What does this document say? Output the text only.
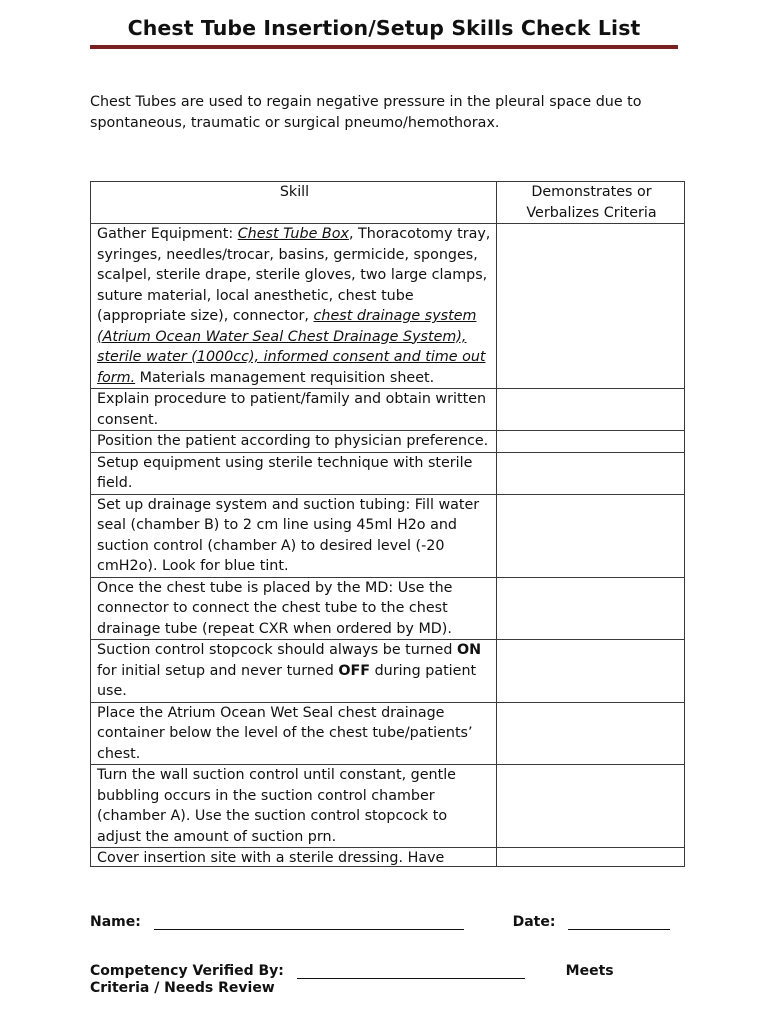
Chest Tube Insertion/Setup Skills Check List
Chest Tubes are used to regain negative pressure in the pleural space due to spontaneous, traumatic or surgical pneumo/hemothorax.
Skill	Demonstrates or Verbalizes Criteria
Gather Equipment: Chest Tube Box, Thoracotomy tray, syringes, needles/trocar, basins, germicide, sponges, scalpel, sterile drape, sterile gloves, two large clamps, suture material, local anesthetic, chest tube (appropriate size), connector, chest drainage system (Atrium Ocean Water Seal Chest Drainage System), sterile water (1000cc), informed consent and time out form. Materials management requisition sheet.	
Explain procedure to patient/family and obtain written consent.	
Position the patient according to physician preference.	
Setup equipment using sterile technique with sterile field.	
Set up drainage system and suction tubing: Fill water seal (chamber B) to 2 cm line using 45ml H2o and suction control (chamber A) to desired level (-20 cmH2o). Look for blue tint.	
Once the chest tube is placed by the MD: Use the connector to connect the chest tube to the chest drainage tube (repeat CXR when ordered by MD).	
Suction control stopcock should always be turned ON for initial setup and never turned OFF during patient use.	
Place the Atrium Ocean Wet Seal chest drainage container below the level of the chest tube/patients’ chest.	
Turn the wall suction control until constant, gentle bubbling occurs in the suction control chamber (chamber A). Use the suction control stopcock to adjust the amount of suction prn.	

Cover insertion site with a sterile dressing. Have	

Name:	Date:
Competency Verified By:	Meets
Criteria / Needs Review
